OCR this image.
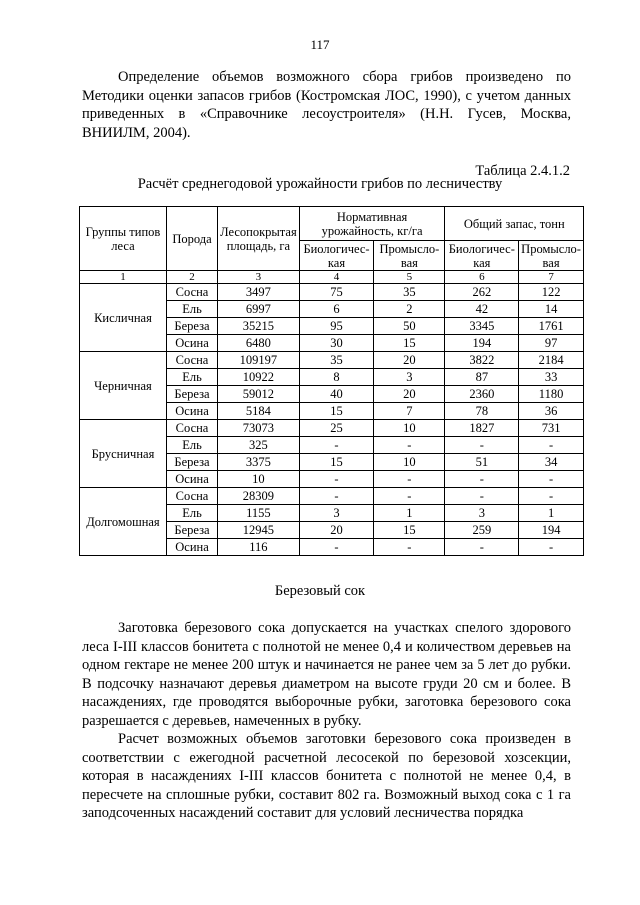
117

Определение объемов возможного сбора грибов произведено по Методики оценки запасов грибов (Костромская ЛОС, 1990), с учетом данных приведенных в «Справочнике лесоустроителя» (Н.Н. Гусев, Москва, ВНИИЛМ, 2004).

Таблица 2.4.1.2
Расчёт среднегодовой урожайности грибов по лесничеству
Группы типов леса	Порода	Лесопокрытая площадь, га	Нормативная урожайность, кг/га		Общий запас, тонн	
			Биологичес-кая	Промысло-вая	Биологичес-кая	Промысло-вая
1	2	3	4	5	6	7
Кисличная	Сосна	3497	75	35	262	122
	Ель	6997	6	2	42	14
	Береза	35215	95	50	3345	1761
	Осина	6480	30	15	194	97
Черничная	Сосна	109197	35	20	3822	2184
	Ель	10922	8	3	87	33
	Береза	59012	40	20	2360	1180
	Осина	5184	15	7	78	36
Брусничная	Сосна	73073	25	10	1827	731
	Ель	325	-	-	-	-
	Береза	3375	15	10	51	34
	Осина	10	-	-	-	-
Долгомошная	Сосна	28309	-	-	-	-
	Ель	1155	3	1	3	1
	Береза	12945	20	15	259	194
	Осина	116	-	-	-	-
Березовый сок

Заготовка березового сока допускается на участках спелого здорового леса I-III классов бонитета с полнотой не менее 0,4 и количеством деревьев на одном гектаре не менее 200 штук и начинается не ранее чем за 5 лет до рубки. В подсочку назначают деревья диаметром на высоте груди 20 см и более. В насаждениях, где проводятся выборочные рубки, заготовка березового сока разрешается с деревьев, намеченных в рубку.

Расчет возможных объемов заготовки березового сока произведен в соответствии с ежегодной расчетной лесосекой по березовой хозсекции, которая в насаждениях I-III классов бонитета с полнотой не менее 0,4, в пересчете на сплошные рубки, составит 802 га. Возможный выход сока с 1 га заподсоченных насаждений составит для условий лесничества порядка
